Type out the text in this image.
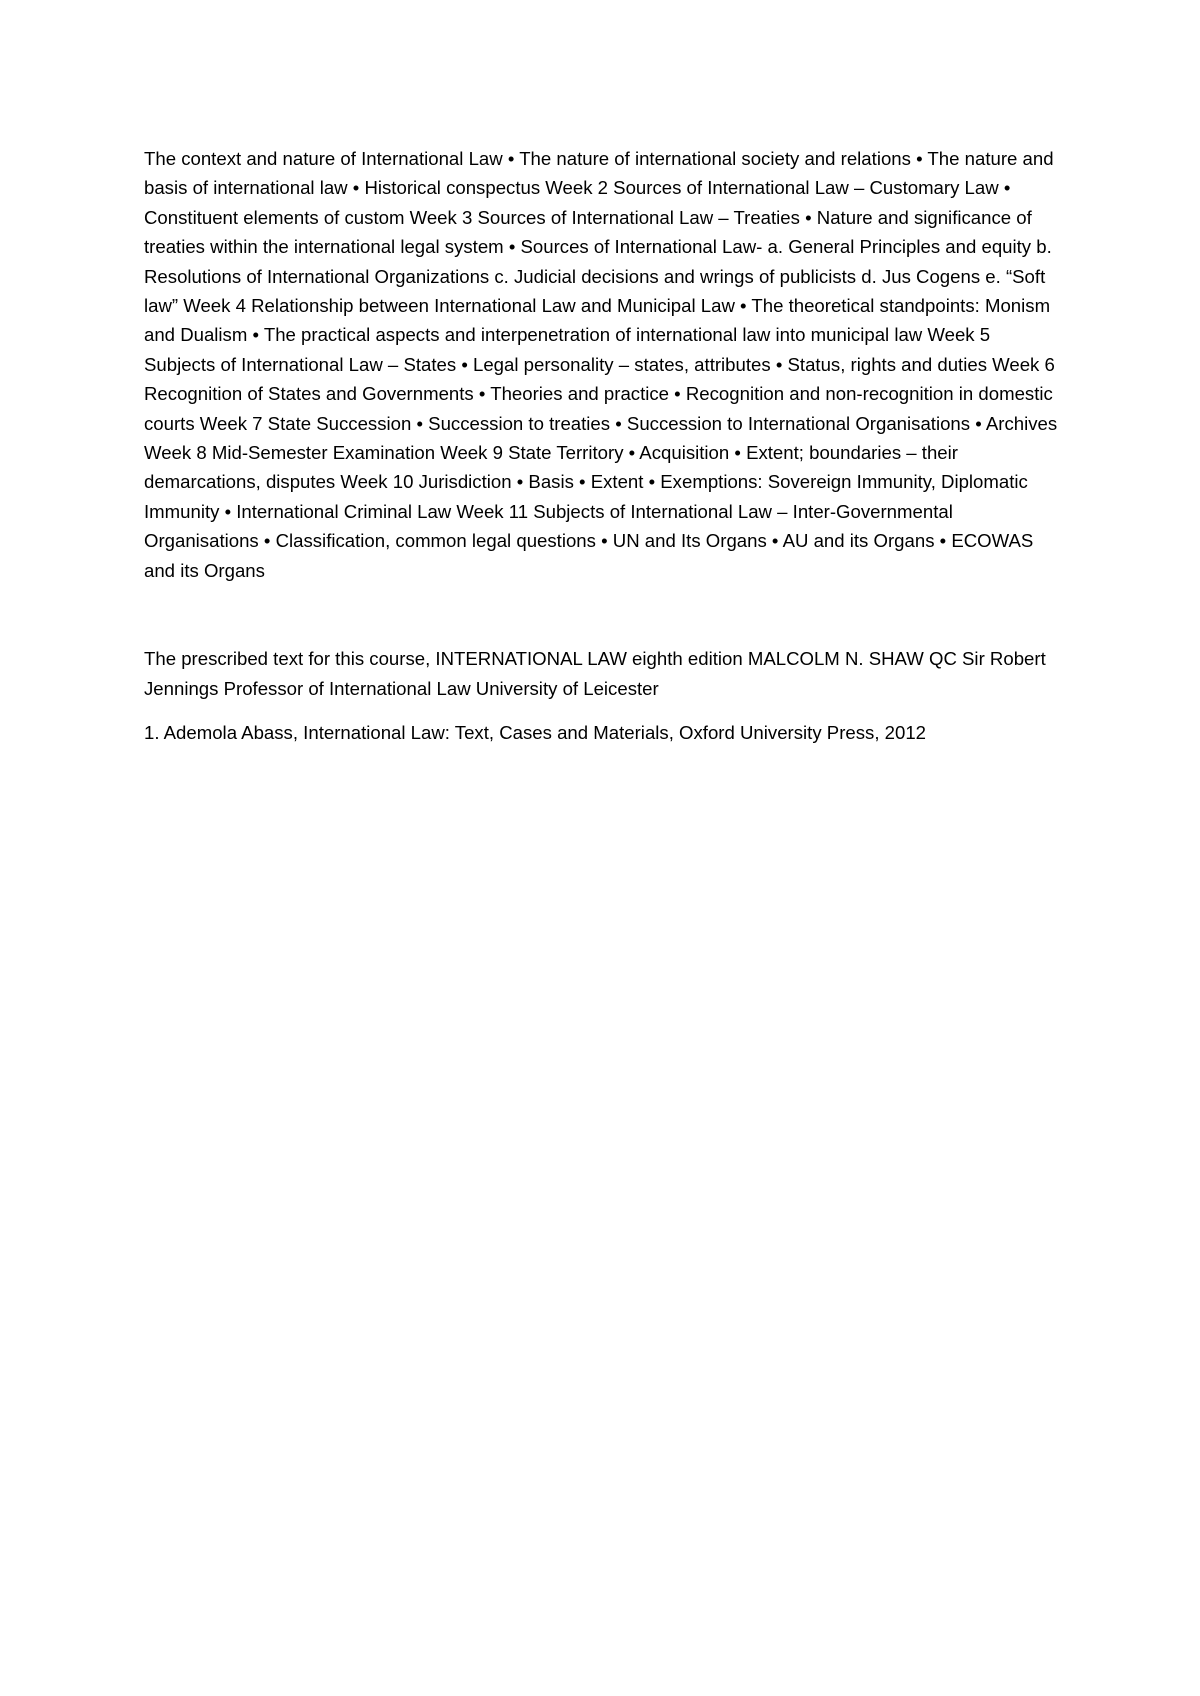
The context and nature of International Law • The nature of international society and relations • The nature and basis of international law • Historical conspectus Week 2 Sources of International Law – Customary Law • Constituent elements of custom Week 3 Sources of International Law – Treaties • Nature and significance of treaties within the international legal system • Sources of International Law- a. General Principles and equity b. Resolutions of International Organizations c. Judicial decisions and wrings of publicists d. Jus Cogens e. “Soft law” Week 4 Relationship between International Law and Municipal Law • The theoretical standpoints: Monism and Dualism • The practical aspects and interpenetration of international law into municipal law Week 5 Subjects of International Law – States • Legal personality – states, attributes • Status, rights and duties Week 6 Recognition of States and Governments • Theories and practice • Recognition and non-recognition in domestic courts Week 7 State Succession • Succession to treaties • Succession to International Organisations • Archives Week 8 Mid-Semester Examination Week 9 State Territory • Acquisition • Extent; boundaries – their demarcations, disputes Week 10 Jurisdiction • Basis • Extent • Exemptions: Sovereign Immunity, Diplomatic Immunity • International Criminal Law Week 11 Subjects of International Law – Inter-Governmental Organisations • Classification, common legal questions • UN and Its Organs • AU and its Organs • ECOWAS and its Organs

The prescribed text for this course, INTERNATIONAL LAW eighth edition MALCOLM N. SHAW QC Sir Robert Jennings Professor of International Law University of Leicester

1. Ademola Abass, International Law: Text, Cases and Materials, Oxford University Press, 2012
